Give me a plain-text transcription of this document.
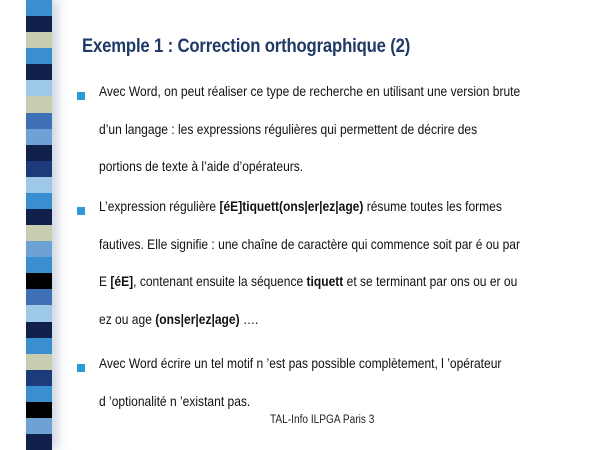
Exemple 1 : Correction orthographique (2)
Avec Word, on peut réaliser ce type de recherche en utilisant une version brute
d’un langage : les expressions régulières qui permettent de décrire des
portions de texte à l’aide d’opérateurs.
L’expression régulière [éE]tiquett(ons|er|ez|age) résume toutes les formes
fautives. Elle signifie : une chaîne de caractère qui commence soit par é ou par
E [éE], contenant ensuite la séquence tiquett et se terminant par ons ou er ou
ez ou age (ons|er|ez|age) ….
Avec Word écrire un tel motif n ’est pas possible complètement, l ’opérateur
d ’optionalité n ’existant pas.
TAL-Info ILPGA Paris 3
